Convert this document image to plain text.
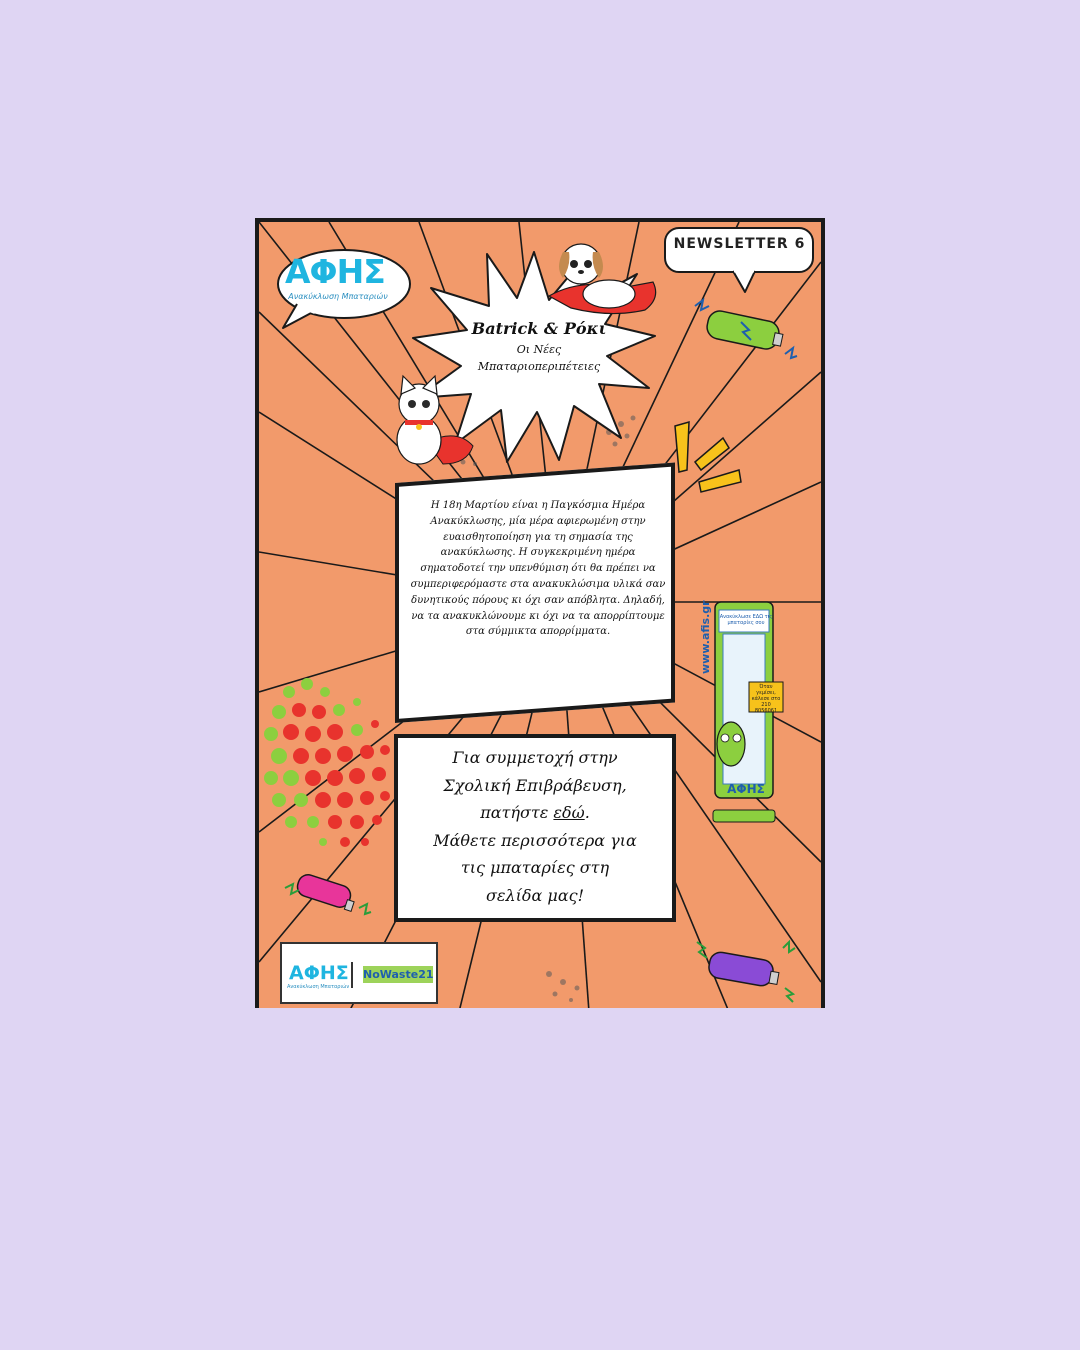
ΑΦΗΣ
Ανακύκλωση Μπαταριών
Batrick & Ρόκι
Οι Νέες
Μπαταριοπεριπέτειες
NEWSLETTER 6
Η 18η Μαρτίου είναι η Παγκόσμια Ημέρα Ανακύκλωσης, μία μέρα αφιερωμένη στην ευαισθητοποίηση για τη σημασία της ανακύκλωσης. Η συγκεκριμένη ημέρα σηματοδοτεί την υπενθύμιση ότι θα πρέπει να συμπεριφερόμαστε στα ανακυκλώσιμα υλικά σαν δυνητικούς πόρους κι όχι σαν απόβλητα. Δηλαδή, να τα ανακυκλώνουμε κι όχι να τα απορρίπτουμε στα σύμμικτα απορρίμματα.
Για συμμετοχή στην
Σχολική Επιβράβευση,
πατήστε εδώ.
Μάθετε περισσότερα για
τις μπαταρίες στη
σελίδα μας!
Ανακύκλωσε ΕΔΩ τις μπαταρίες σου
www.afis.gr
Όταν γεμίσει, κάλεσε στο 210 8056061
ΑΦΗΣ
ΑΦΗΣ
Ανακύκλωση Μπαταριών
NoWaste21
